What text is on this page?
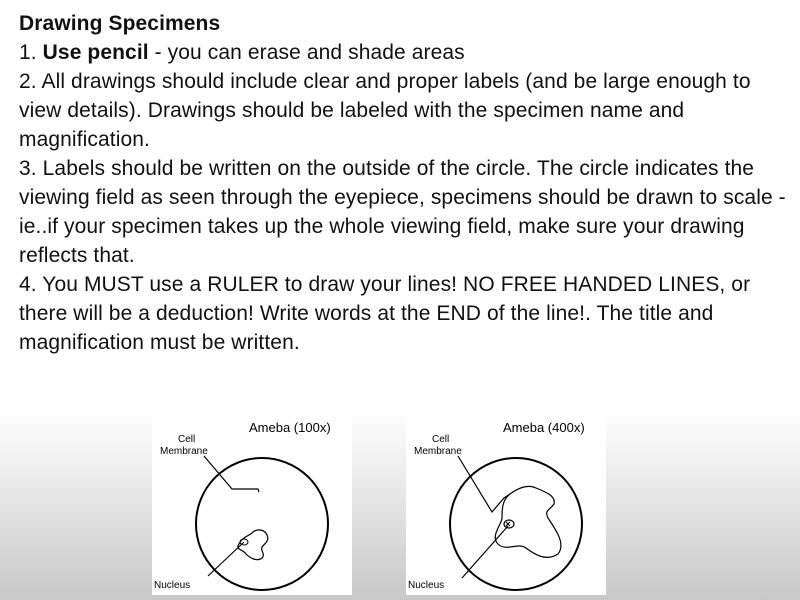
Drawing Specimens

1. Use pencil - you can erase and shade areas

2. All drawings should include clear and proper labels (and be large enough to view details). Drawings should be labeled with the specimen name and magnification.

3. Labels should be written on the outside of the circle. The circle indicates the viewing field as seen through the eyepiece, specimens should be drawn to scale - ie..if your specimen takes up the whole viewing field, make sure your drawing reflects that.

4. You MUST use a RULER to draw your lines! NO FREE HANDED LINES, or there will be a deduction! Write words at the END of the line!. The title and magnification must be written.

Ameba (100x)
Cell
Membrane
Nucleus
Ameba (400x)
Cell
Membrane
Nucleus
